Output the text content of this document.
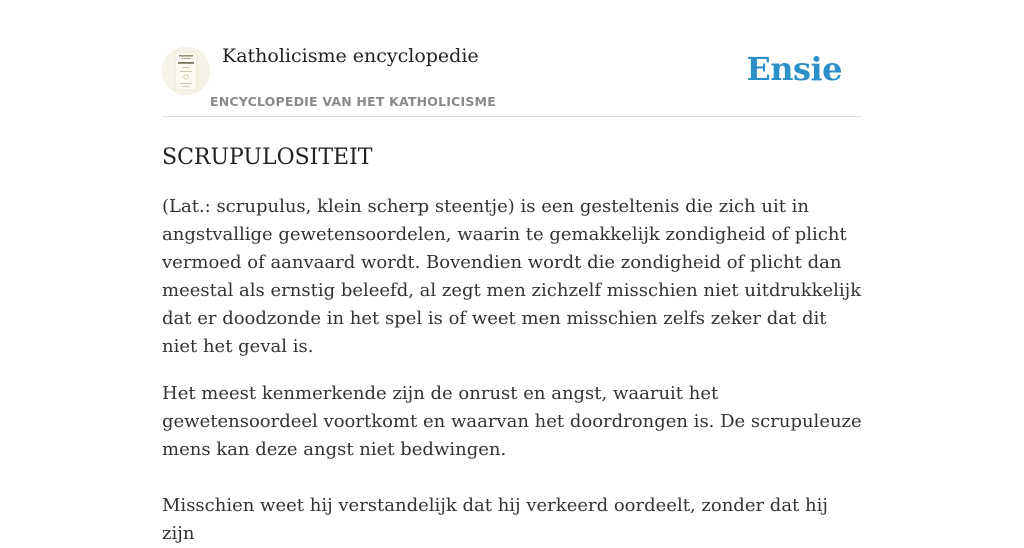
Katholicisme encyclopedie
ENCYCLOPEDIE VAN HET KATHOLICISME
Ensie
SCRUPULOSITEIT

(Lat.: scrupulus, klein scherp steentje) is een gesteltenis die zich uit in angstvallige gewetensoordelen, waarin te gemakkelijk zondigheid of plicht vermoed of aanvaard wordt. Bovendien wordt die zondigheid of plicht dan meestal als ernstig beleefd, al zegt men zichzelf misschien niet uitdrukkelijk dat er doodzonde in het spel is of weet men misschien zelfs zeker dat dit niet het geval is.

Het meest kenmerkende zijn de onrust en angst, waaruit het gewetensoordeel voortkomt en waarvan het doordrongen is. De scrupuleuze mens kan deze angst niet bedwingen.

Misschien weet hij verstandelijk dat hij verkeerd oordeelt, zonder dat hij zijn
